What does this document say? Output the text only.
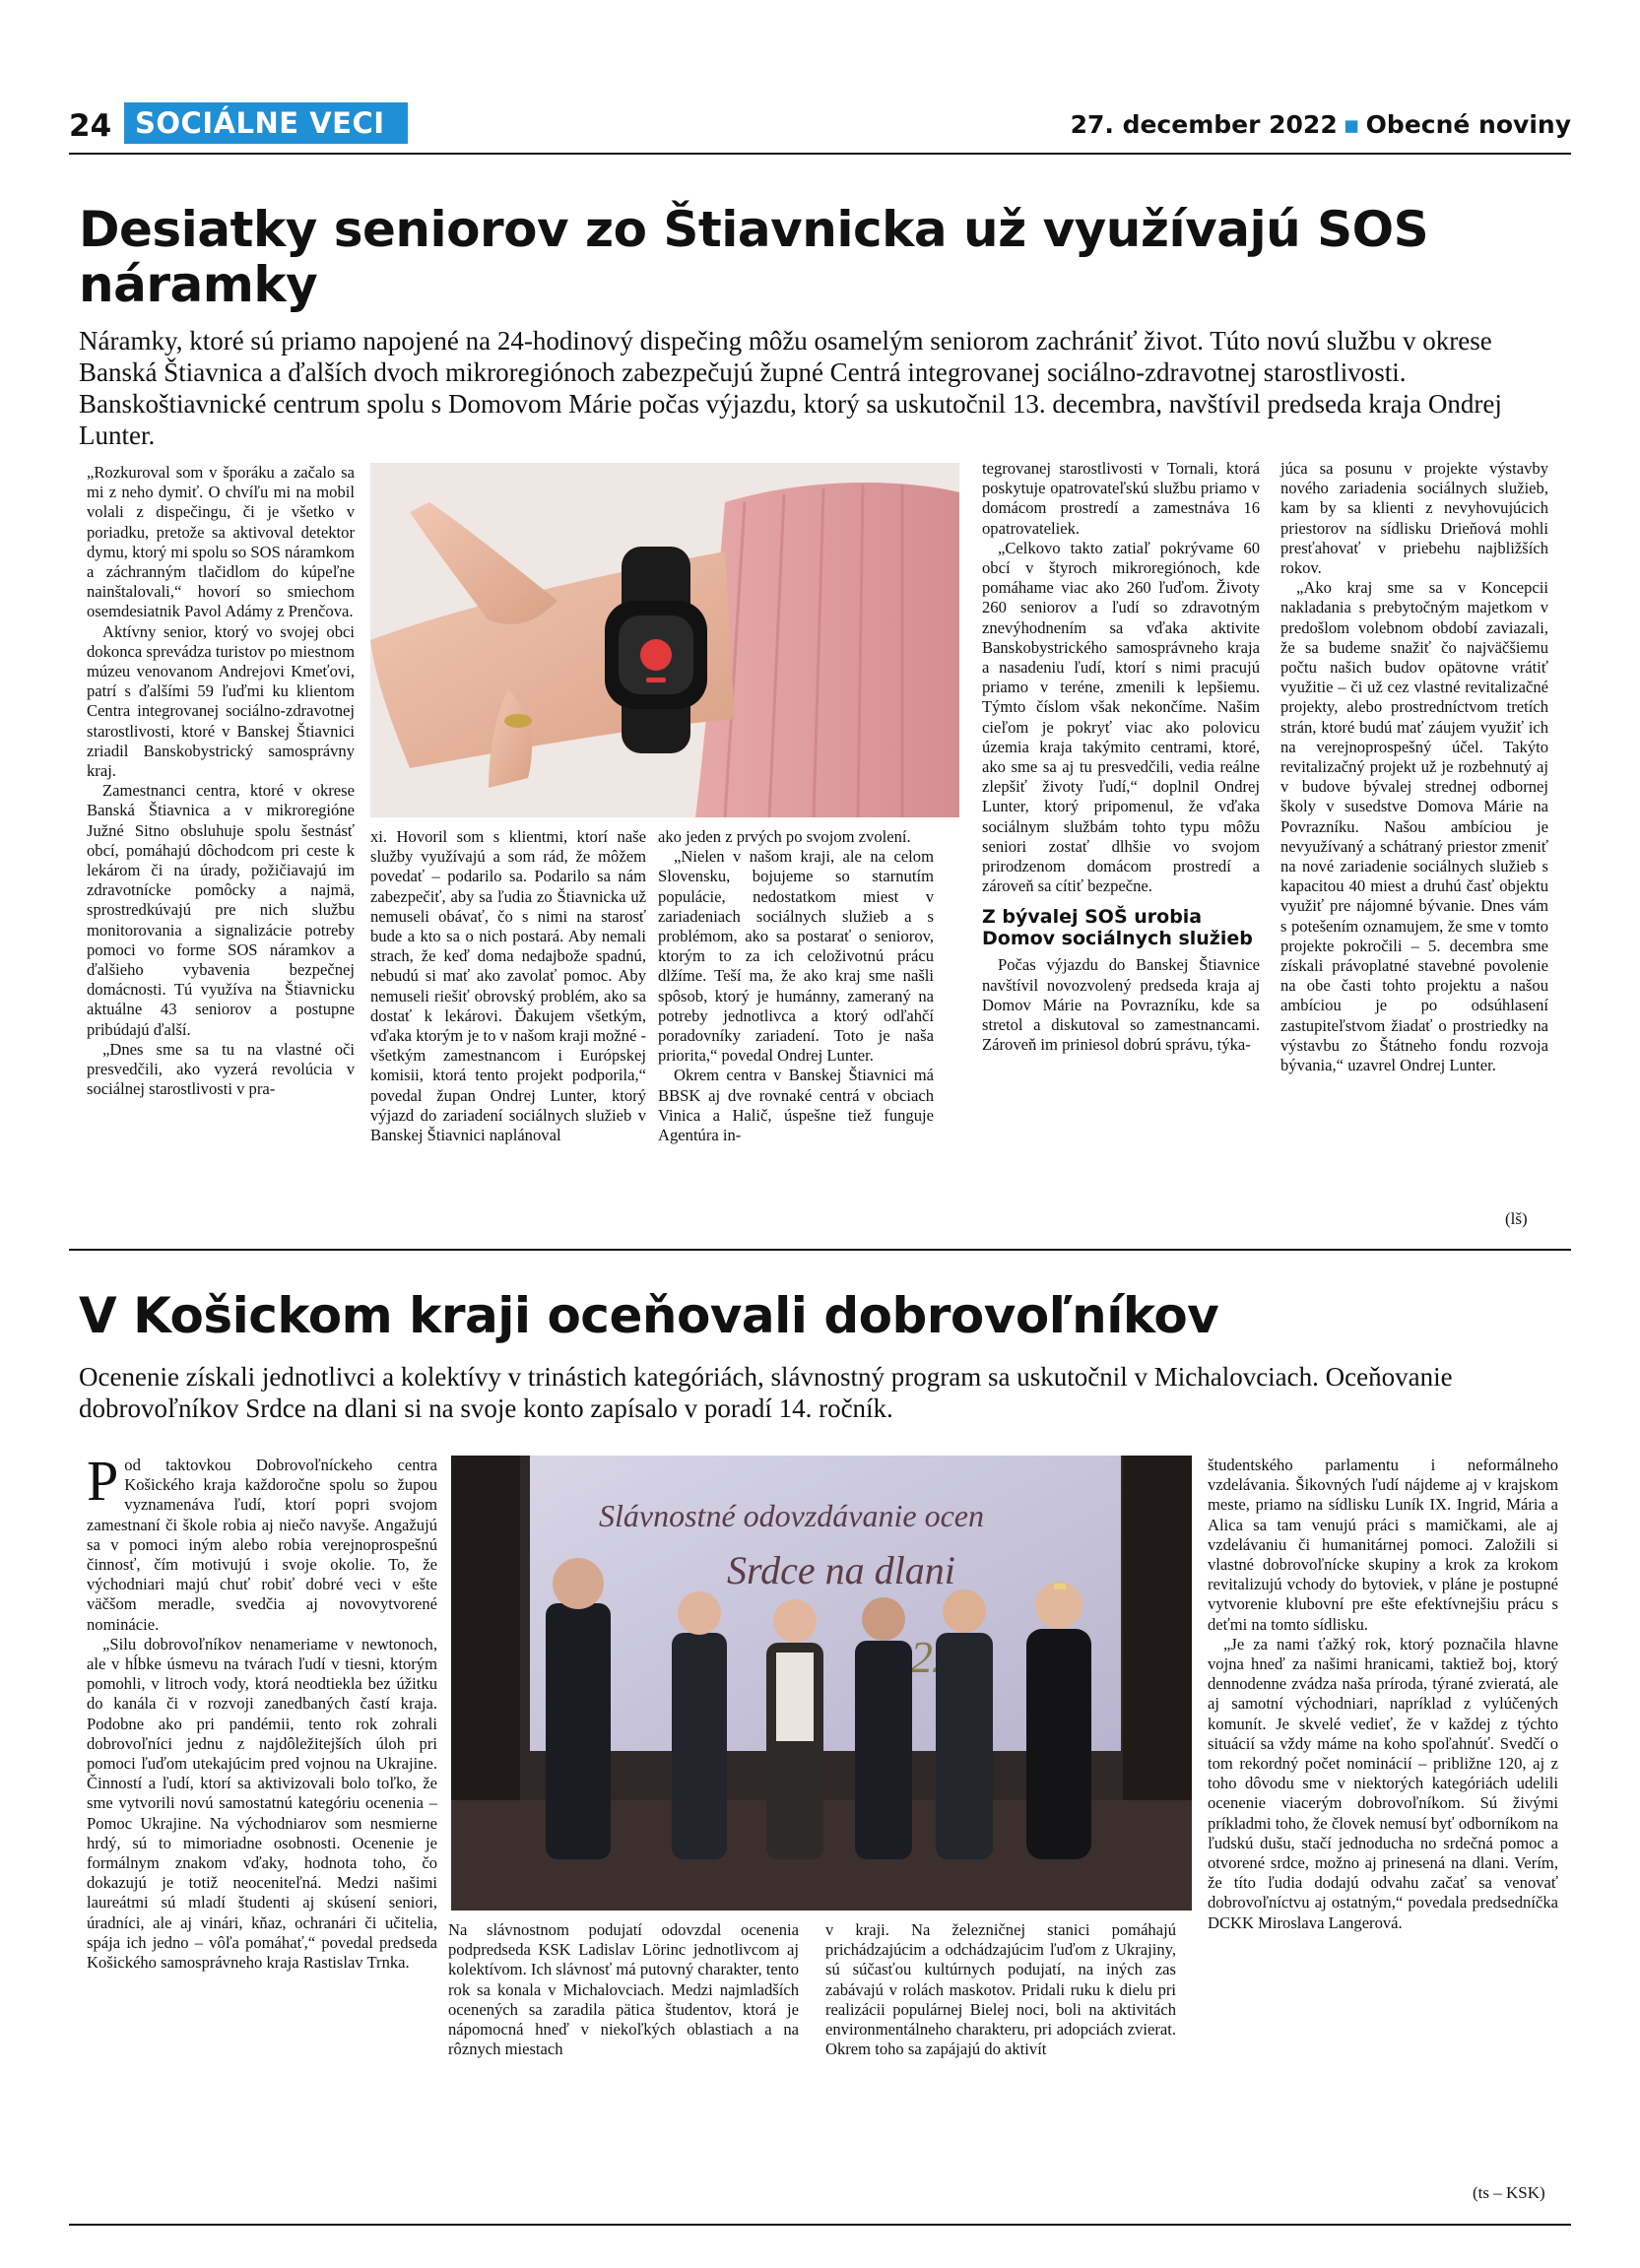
24 SOCIÁLNE VECI	27. december 2022 ▪ Obecné noviny
Desiatky seniorov zo Štiavnicka už využívajú SOS náramky

Náramky, ktoré sú priamo napojené na 24-hodinový dispečing môžu osamelým seniorom zachrániť život. Túto novú službu v okrese Banská Štiavnica a ďalších dvoch mikroregiónoch zabezpečujú župné Centrá integrovanej sociálno-zdravotnej starostlivosti. Banskoštiavnické centrum spolu s Domovom Márie počas výjazdu, ktorý sa uskutočnil 13. decembra, navštívil predseda kraja Ondrej Lunter.

„Rozkuroval som v šporáku a začalo sa mi z neho dymiť. O chvíľu mi na mobil volali z dispečingu, či je všetko v poriadku, pretože sa aktivoval detektor dymu, ktorý mi spolu so SOS náramkom a záchranným tlačidlom do kúpeľne nainštalovali,“ hovorí so smiechom osemdesiatnik Pavol Adámy z Prenčova.

Aktívny senior, ktorý vo svojej obci dokonca sprevádza turistov po miestnom múzeu venovanom Andrejovi Kmeťovi, patrí s ďalšími 59 ľuďmi ku klientom Centra integrovanej sociálno-zdravotnej starostlivosti, ktoré v Banskej Štiavnici zriadil Banskobystrický samosprávny kraj.

Zamestnanci centra, ktoré v okrese Banská Štiavnica a v mikroregióne Južné Sitno obsluhuje spolu šestnásť obcí, pomáhajú dôchodcom pri ceste k lekárom či na úrady, požičiavajú im zdravotnícke pomôcky a najmä, sprostredkúvajú pre nich službu monitorovania a signalizácie potreby pomoci vo forme SOS náramkov a ďalšieho vybavenia bezpečnej domácnosti. Tú využíva na Štiavnicku aktuálne 43 seniorov a postupne pribúdajú ďalší.

„Dnes sme sa tu na vlastné oči presvedčili, ako vyzerá revolúcia v sociálnej starostlivosti v pra-

xi. Hovoril som s klientmi, ktorí naše služby využívajú a som rád, že môžem povedať – podarilo sa. Podarilo sa nám zabezpečiť, aby sa ľudia zo Štiavnicka už nemuseli obávať, čo s nimi na starosť bude a kto sa o nich postará. Aby nemali strach, že keď doma nedajbože spadnú, nebudú si mať ako zavolať pomoc. Aby nemuseli riešiť obrovský problém, ako sa dostať k lekárovi. Ďakujem všetkým, vďaka ktorým je to v našom kraji možné - všetkým zamestnancom i Európskej komisii, ktorá tento projekt podporila,“ povedal župan Ondrej Lunter, ktorý výjazd do zariadení sociálnych služieb v Banskej Štiavnici naplánoval

ako jeden z prvých po svojom zvolení.

„Nielen v našom kraji, ale na celom Slovensku, bojujeme so starnutím populácie, nedostatkom miest v zariadeniach sociálnych služieb a s problémom, ako sa postarať o seniorov, ktorým to za ich celoživotnú prácu dlžíme. Teší ma, že ako kraj sme našli spôsob, ktorý je humánny, zameraný na potreby jednotlivca a ktorý odľahčí poradovníky zariadení. Toto je naša priorita,“ povedal Ondrej Lunter.

Okrem centra v Banskej Štiavnici má BBSK aj dve rovnaké centrá v obciach Vinica a Halič, úspešne tiež funguje Agentúra in-

tegrovanej starostlivosti v Tornali, ktorá poskytuje opatrovateľskú službu priamo v domácom prostredí a zamestnáva 16 opatrovateliek.

„Celkovo takto zatiaľ pokrývame 60 obcí v štyroch mikroregiónoch, kde pomáhame viac ako 260 ľuďom. Životy 260 seniorov a ľudí so zdravotným znevýhodnením sa vďaka aktivite Banskobystrického samosprávneho kraja a nasadeniu ľudí, ktorí s nimi pracujú priamo v teréne, zmenili k lepšiemu. Týmto číslom však nekončíme. Našim cieľom je pokryť viac ako polovicu územia kraja takýmito centrami, ktoré, ako sme sa aj tu presvedčili, vedia reálne zlepšiť životy ľudí,“ doplnil Ondrej Lunter, ktorý pripomenul, že vďaka sociálnym službám tohto typu môžu seniori zostať dlhšie vo svojom prirodzenom domácom prostredí a zároveň sa cítiť bezpečne.

Z bývalej SOŠ urobia Domov sociálnych služieb

Počas výjazdu do Banskej Štiavnice navštívil novozvolený predseda kraja aj Domov Márie na Povrazníku, kde sa stretol a diskutoval so zamestnancami. Zároveň im priniesol dobrú správu, týka-

júca sa posunu v projekte výstavby nového zariadenia sociálnych služieb, kam by sa klienti z nevyhovujúcich priestorov na sídlisku Drieňová mohli presťahovať v priebehu najbližších rokov.

„Ako kraj sme sa v Koncepcii nakladania s prebytočným majetkom v predošlom volebnom období zaviazali, že sa budeme snažiť čo najväčšiemu počtu našich budov opätovne vrátiť využitie – či už cez vlastné revitalizačné projekty, alebo prostredníctvom tretích strán, ktoré budú mať záujem využiť ich na verejnoprospešný účel. Takýto revitalizačný projekt už je rozbehnutý aj v budove bývalej strednej odbornej školy v susedstve Domova Márie na Povrazníku. Našou ambíciou je nevyužívaný a schátraný priestor zmeniť na nové zariadenie sociálnych služieb s kapacitou 40 miest a druhú časť objektu využiť pre nájomné bývanie. Dnes vám s potešením oznamujem, že sme v tomto projekte pokročili – 5. decembra sme získali právoplatné stavebné povolenie na obe časti tohto projektu a našou ambíciou je po odsúhlasení zastupiteľstvom žiadať o prostriedky na výstavbu zo Štátneho fondu rozvoja bývania,“ uzavrel Ondrej Lunter.

(lš)
V Košickom kraji oceňovali dobrovoľníkov

Ocenenie získali jednotlivci a kolektívy v trinástich kategóriách, slávnostný program sa uskutočnil v Michalovciach. Oceňovanie dobrovoľníkov Srdce na dlani si na svoje konto zapísalo v poradí 14. ročník.

Pod taktovkou Dobrovoľníckeho centra Košického kraja každoročne spolu so župou vyznamenáva ľudí, ktorí popri svojom zamestnaní či škole robia aj niečo navyše. Angažujú sa v pomoci iným alebo robia verejnoprospešnú činnosť, čím motivujú i svoje okolie. To, že východniari majú chuť robiť dobré veci v ešte väčšom meradle, svedčia aj novovytvorené nominácie.

„Silu dobrovoľníkov nenameriame v newtonoch, ale v hĺbke úsmevu na tvárach ľudí v tiesni, ktorým pomohli, v litroch vody, ktorá neodtiekla bez úžitku do kanála či v rozvoji zanedbaných častí kraja. Podobne ako pri pandémii, tento rok zohrali dobrovoľníci jednu z najdôležitejších úloh pri pomoci ľuďom utekajúcim pred vojnou na Ukrajine. Činností a ľudí, ktorí sa aktivizovali bolo toľko, že sme vytvorili novú samostatnú kategóriu ocenenia – Pomoc Ukrajine. Na východniarov som nesmierne hrdý, sú to mimoriadne osobnosti. Ocenenie je formálnym znakom vďaky, hodnota toho, čo dokazujú je totiž neoceniteľná. Medzi našimi laureátmi sú mladí študenti aj skúsení seniori, úradníci, ale aj vinári, kňaz, ochranári či učitelia, spája ich jedno – vôľa pomáhať,“ povedal predseda Košického samosprávneho kraja Rastislav Trnka.

Slávnostné odovzdávanie ocen
Srdce na dlani

Na slávnostnom podujatí odovzdal ocenenia podpredseda KSK Ladislav Lörinc jednotlivcom aj kolektívom. Ich slávnosť má putovný charakter, tento rok sa konala v Michalovciach. Medzi najmladších ocenených sa zaradila pätica študentov, ktorá je nápomocná hneď v niekoľkých oblastiach a na rôznych miestach

v kraji. Na železničnej stanici pomáhajú prichádzajúcim a odchádzajúcim ľuďom z Ukrajiny, sú súčasťou kultúrnych podujatí, na iných zas zabávajú v rolách maskotov. Pridali ruku k dielu pri realizácii populárnej Bielej noci, boli na aktivitách environmentálneho charakteru, pri adopciách zvierat. Okrem toho sa zapájajú do aktivít

študentského parlamentu i neformálneho vzdelávania. Šikovných ľudí nájdeme aj v krajskom meste, priamo na sídlisku Luník IX. Ingrid, Mária a Alica sa tam venujú práci s mamičkami, ale aj vzdelávaniu či humanitárnej pomoci. Založili si vlastné dobrovoľnícke skupiny a krok za krokom revitalizujú vchody do bytoviek, v pláne je postupné vytvorenie klubovní pre ešte efektívnejšiu prácu s deťmi na tomto sídlisku.

„Je za nami ťažký rok, ktorý poznačila hlavne vojna hneď za našimi hranicami, taktiež boj, ktorý dennodenne zvádza naša príroda, týrané zvieratá, ale aj samotní východniari, napríklad z vylúčených komunít. Je skvelé vedieť, že v každej z týchto situácií sa vždy máme na koho spoľahnúť. Svedčí o tom rekordný počet nominácií – približne 120, aj z toho dôvodu sme v niektorých kategóriách udelili ocenenie viacerým dobrovoľníkom. Sú živými príkladmi toho, že človek nemusí byť odborníkom na ľudskú dušu, stačí jednoducha no srdečná pomoc a otvorené srdce, možno aj prinesená na dlani. Verím, že títo ľudia dodajú odvahu začať sa venovať dobrovoľníctvu aj ostatným,“ povedala predsedníčka DCKK Miroslava Langerová.

(ts – KSK)
